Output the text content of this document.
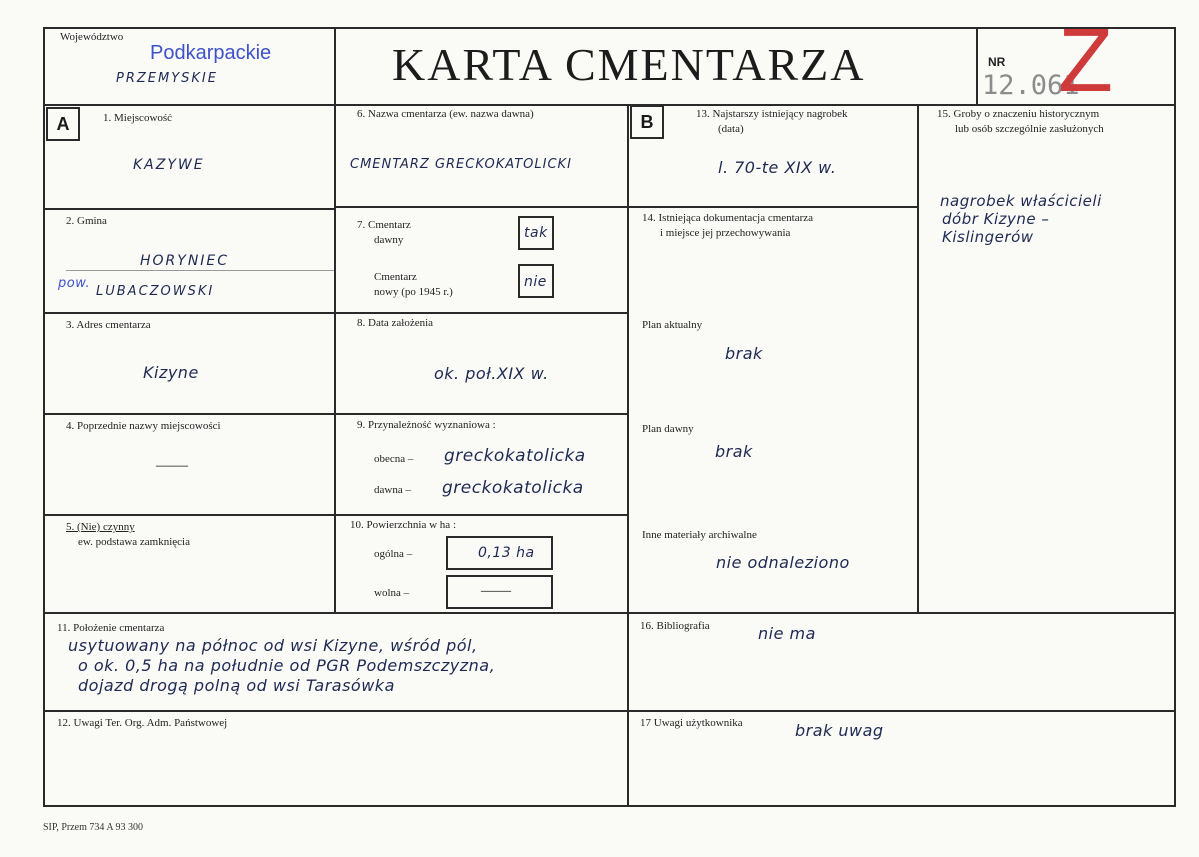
Województwo
Podkarpackie
PRZEMYSKIE	KARTA CMENTARZA	NR
12.061
Z
A	B
1. Miejscowość
KAZYWE
2. Gmina
HORYNIEC
pow.
LUBACZOWSKI
3. Adres cmentarza
Kizyne
4. Poprzednie nazwy miejscowości
——
5. (Nie) czynny
ew. podstawa zamknięcia
6. Nazwa cmentarza (ew. nazwa dawna)
CMENTARZ GRECKOKATOLICKI
7. Cmentarz
dawny	tak
Cmentarz
nowy (po 1945 r.)
nie
8. Data założenia
ok. poł.XIX w.
9. Przynależność wyznaniowa :
obecna – greckokatolicka
dawna – greckokatolicka
10. Powierzchnia w ha :
ogólna –	0,13 ha
wolna –	——
11. Położenie cmentarza
usytuowany na północ od wsi Kizyne, wśród pól,
o ok. 0,5 ha na południe od PGR Podemszczyzna,
dojazd drogą polną od wsi Tarasówka
12. Uwagi Ter. Org. Adm. Państwowej
13. Najstarszy istniejący nagrobek
(data)
l. 70-te XIX w.
14. Istniejąca dokumentacja cmentarza
i miejsce jej przechowywania
Plan aktualny
brak
Plan dawny
brak
Inne materiały archiwalne
nie odnaleziono
15. Groby o znaczeniu historycznym
lub osób szczególnie zasłużonych
nagrobek właścicieli
dóbr Kizyne –
Kislingerów
16. Bibliografia	nie ma
17 Uwagi użytkownika	brak uwag
SIP, Przem 734 A 93 300
